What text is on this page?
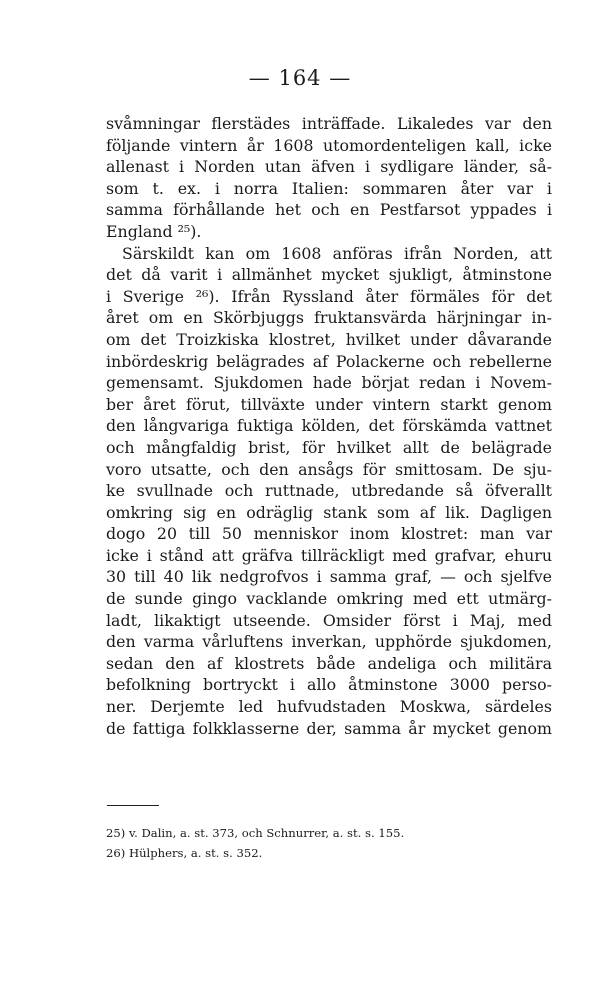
— 164 —
svåmningar flerstädes inträffade. Likaledes var den
följande vintern år 1608 utomordenteligen kall, icke
allenast i Norden utan äfven i sydligare länder, så-
som t. ex. i norra Italien: sommaren åter var i
samma förhållande het och en Pestfarsot yppades i
England ²⁵).
Särskildt kan om 1608 anföras ifrån Norden, att
det då varit i allmänhet mycket sjukligt, åtminstone
i Sverige ²⁶). Ifrån Ryssland åter förmäles för det
året om en Skörbjuggs fruktansvärda härjningar in-
om det Troizkiska klostret, hvilket under dåvarande
inbördeskrig belägrades af Polackerne och rebellerne
gemensamt. Sjukdomen hade börjat redan i Novem-
ber året förut, tillväxte under vintern starkt genom
den långvariga fuktiga kölden, det förskämda vattnet
och mångfaldig brist, för hvilket allt de belägrade
voro utsatte, och den ansågs för smittosam. De sju-
ke svullnade och ruttnade, utbredande så öfverallt
omkring sig en odräglig stank som af lik. Dagligen
dogo 20 till 50 menniskor inom klostret: man var
icke i stånd att gräfva tillräckligt med grafvar, ehuru
30 till 40 lik nedgrofvos i samma graf, — och sjelfve
de sunde gingo vacklande omkring med ett utmärg-
ladt, likaktigt utseende. Omsider först i Maj, med
den varma vårluftens inverkan, upphörde sjukdomen,
sedan den af klostrets både andeliga och militära
befolkning bortryckt i allo åtminstone 3000 perso-
ner. Derjemte led hufvudstaden Moskwa, särdeles
de fattiga folkklasserne der, samma år mycket genom
25) v. Dalin, a. st. 373, och Schnurrer, a. st. s. 155.
26) Hülphers, a. st. s. 352.
